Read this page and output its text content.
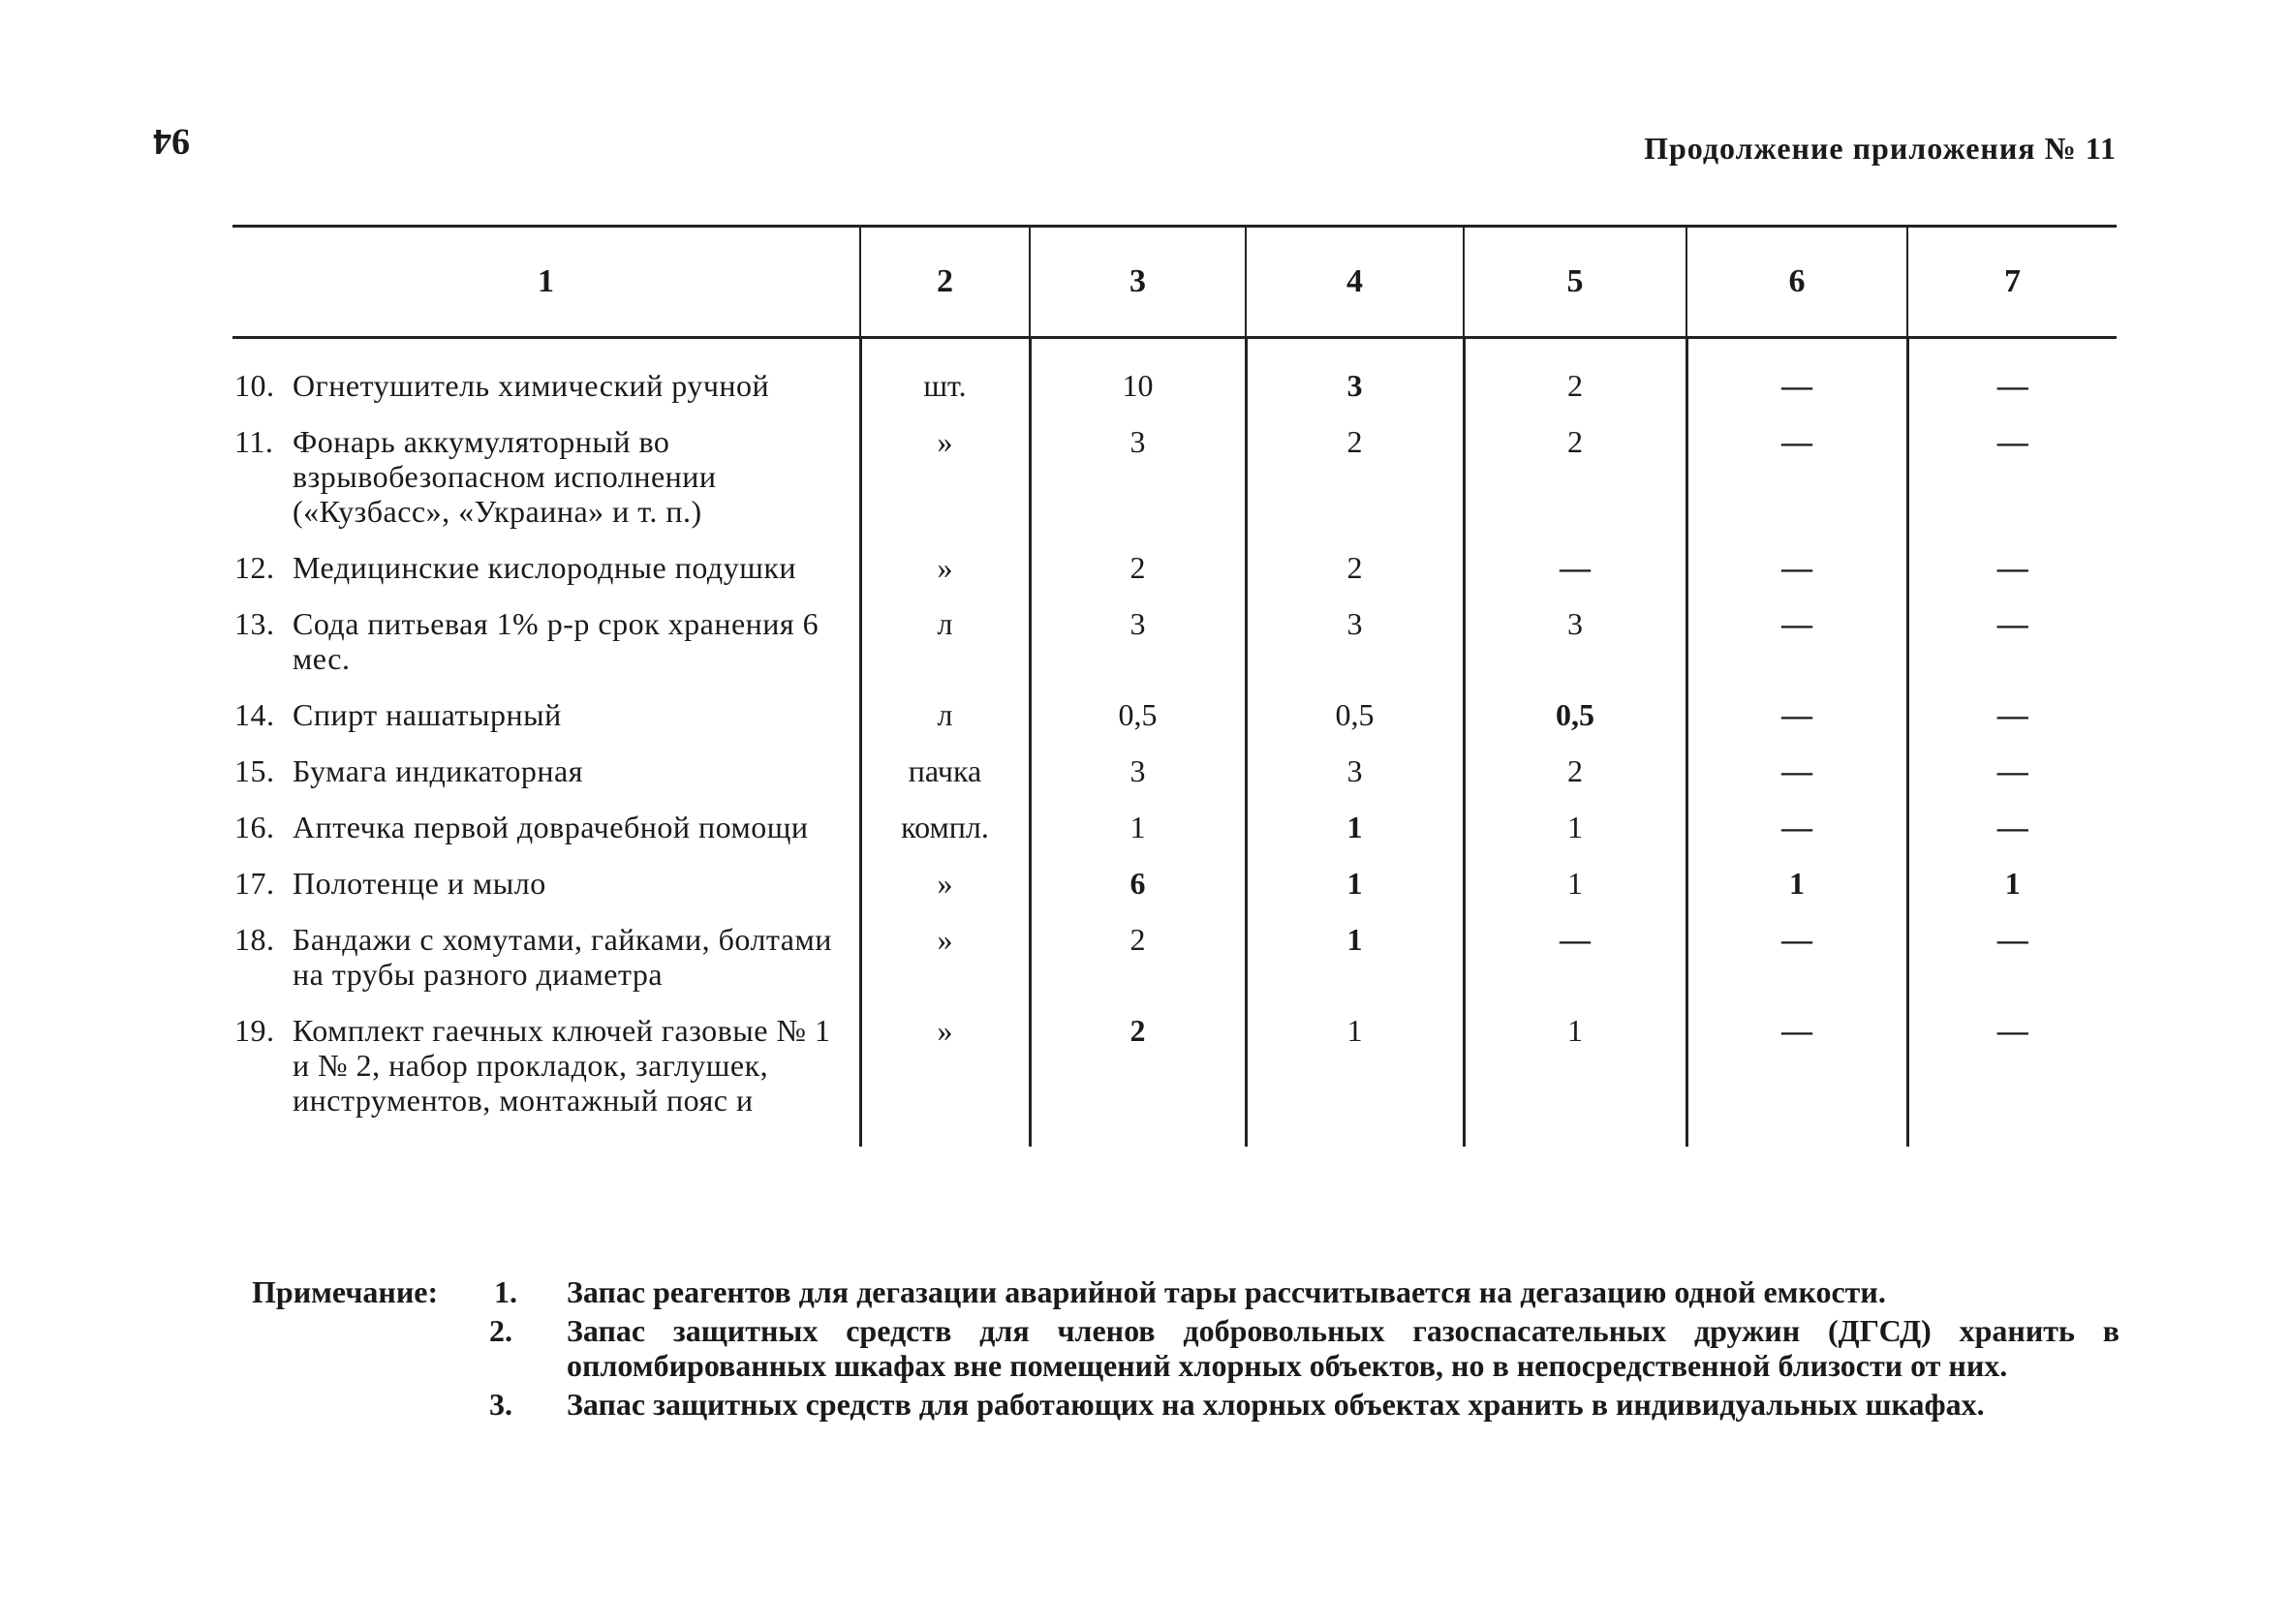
94	Продолжение приложения № 11
1	2	3	4	5	6	7

10. Огнетушитель химический ручной	шт.	10	3	2	—	—

11. Фонарь аккумуляторный во взрывобезопасном исполнении («Кузбасс», «Украина» и т. п.)	»	3	2	2	—	—

12. Медицинские кислородные подушки	»	2	2	—	—	—

13. Сода питьевая 1% р-р срок хранения 6 мес.	л	3	3	3	—	—

14. Спирт нашатырный	л	0,5	0,5	0,5	—	—

15. Бумага индикаторная	пачка	3	3	2	—	—

16. Аптечка первой доврачебной помощи	компл.	1	1	1	—	—

17. Полотенце и мыло	»	6	1	1	1	1

18. Бандажи с хомутами, гайками, болтами на трубы разного диаметра	»	2	1	—	—	—

19. Комплект гаечных ключей газовые № 1 и № 2, набор прокладок, заглушек, инструментов, монтажный пояс и	»	2	1	1	—	—
Примечание: 1. Запас реагентов для дегазации аварийной тары рассчитывается на дегазацию одной емкости.
2. Запас защитных средств для членов добровольных газоспасательных дружин (ДГСД) хранить в опломбированных шкафах вне помещений хлорных объектов, но в непосредственной близости от них.
3. Запас защитных средств для работающих на хлорных объектах хранить в индивидуальных шкафах.
